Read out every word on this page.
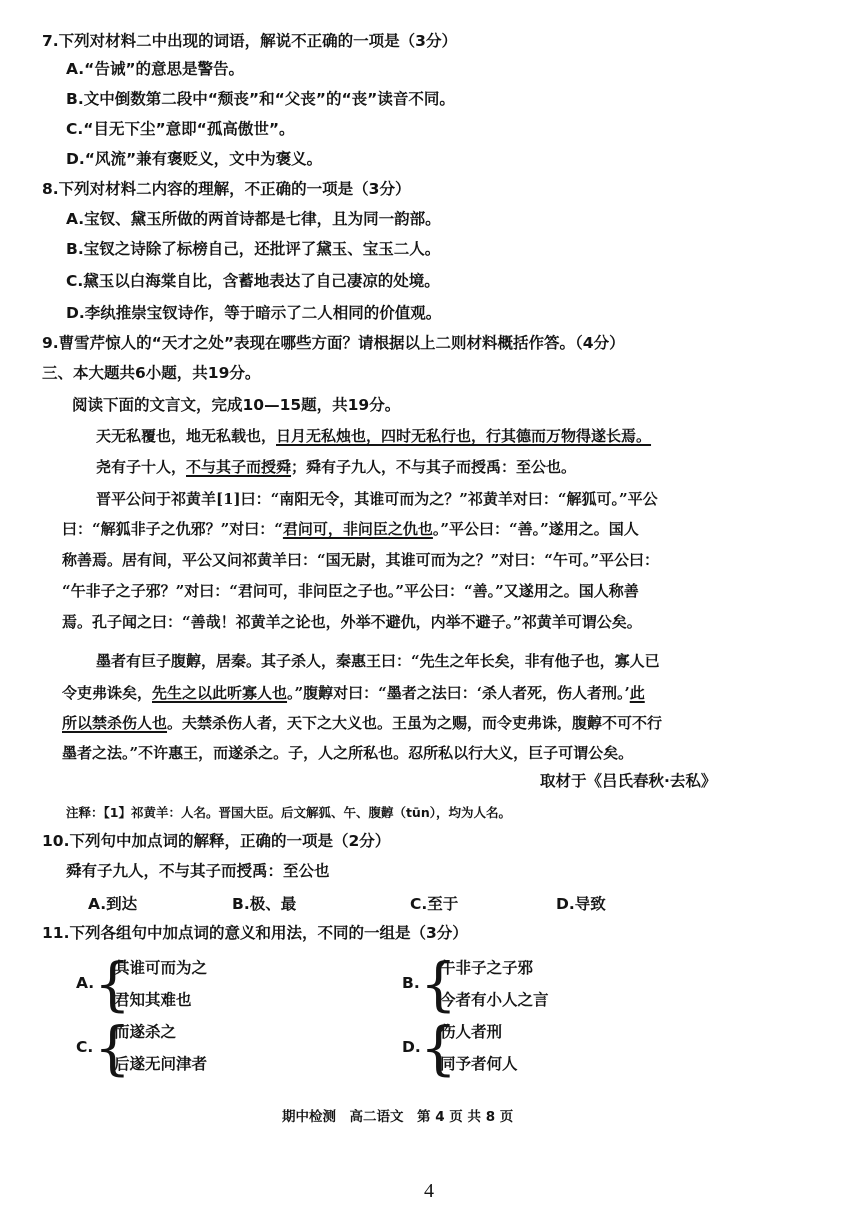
7.下列对材料二中出现的词语，解说不正确的一项是（3分）
A.“告诫”的意思是警告。
B.文中倒数第二段中“颓丧”和“父丧”的“丧”读音不同。
C.“目无下尘”意即“孤高傲世”。
D.“风流”兼有褒贬义，文中为褒义。
8.下列对材料二内容的理解，不正确的一项是（3分）
A.宝钗、黛玉所做的两首诗都是七律，且为同一韵部。
B.宝钗之诗除了标榜自己，还批评了黛玉、宝玉二人。
C.黛玉以白海棠自比，含蓄地表达了自己凄凉的处境。
D.李纨推崇宝钗诗作，等于暗示了二人相同的价值观。
9.曹雪芹惊人的“天才之处”表现在哪些方面？请根据以上二则材料概括作答。（4分）
三、本大题共6小题，共19分。
阅读下面的文言文，完成10—15题，共19分。
天无私覆也，地无私载也，日月无私烛也，四时无私行也，行其德而万物得遂长焉。
尧有子十人，不与其子而授舜；舜有子九人，不与其子而授禹：至公也。
晋平公问于祁黄羊[1]曰：“南阳无令，其谁可而为之？”祁黄羊对曰：“解狐可。”平公
曰：“解狐非子之仇邪？”对曰：“君问可，非问臣之仇也。”平公曰：“善。”遂用之。国人
称善焉。居有间，平公又问祁黄羊曰：“国无尉，其谁可而为之？”对曰：“午可。”平公曰：
“午非子之子邪？”对曰：“君问可，非问臣之子也。”平公曰：“善。”又遂用之。国人称善
焉。孔子闻之曰：“善哉！祁黄羊之论也，外举不避仇，内举不避子。”祁黄羊可谓公矣。
墨者有巨子腹䵍，居秦。其子杀人，秦惠王曰：“先生之年长矣，非有他子也，寡人已
令吏弗诛矣，先生之以此听寡人也。”腹䵍对曰：“墨者之法曰：‘杀人者死，伤人者刑。’此
所以禁杀伤人也。夫禁杀伤人者，天下之大义也。王虽为之赐，而令吏弗诛，腹䵍不可不行
墨者之法。”不许惠王，而遂杀之。子，人之所私也。忍所私以行大义，巨子可谓公矣。
取材于《吕氏春秋·去私》
注释：【1】祁黄羊：人名。晋国大臣。后文解狐、午、腹䵍（tūn），均为人名。
10.下列句中加点词的解释，正确的一项是（2分）
舜有子九人，不与其子而授禹：至公也
A.到达	B.极、最	C.至于	D.导致
11.下列各组句中加点词的意义和用法，不同的一组是（3分）
A. {
其谁可而为之
君知其难也
B. {
午非子之子邪
今者有小人之言
C. {
而遂杀之
后遂无问津者
D. {
伤人者刑
同予者何人
期中检测　高二语文　第 4 页 共 8 页
4
